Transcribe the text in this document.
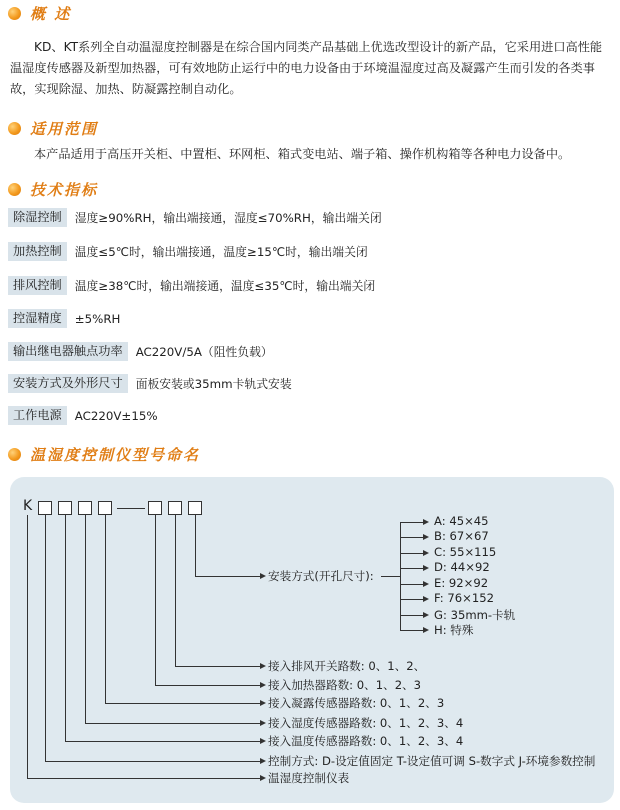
概 述
KD、KT系列全自动温湿度控制器是在综合国内同类产品基础上优选改型设计的新产品，它采用进口高性能温湿度传感器及新型加热器，可有效地防止运行中的电力设备由于环境温湿度过高及凝露产生而引发的各类事故，实现除湿、加热、防凝露控制自动化。
适用范围
本产品适用于高压开关柜、中置柜、环网柜、箱式变电站、端子箱、操作机构箱等各种电力设备中。
技术指标
除湿控制	湿度≥90%RH，输出端接通，湿度≤70%RH，输出端关闭
加热控制	温度≤5℃时，输出端接通，温度≥15℃时，输出端关闭
排风控制	温度≥38℃时，输出端接通，温度≤35℃时，输出端关闭
控湿精度	±5%RH
输出继电器触点功率	AC220V/5A（阻性负载）
安装方式及外形尺寸	面板安装或35mm卡轨式安装
工作电源	AC220V±15%
温湿度控制仪型号命名
K
安装方式(开孔尺寸):
A: 45×45
B: 67×67
C: 55×115
D: 44×92
E: 92×92
F: 76×152
G: 35mm-卡轨
H: 特殊
接入排风开关路数: 0、1、2、
接入加热器路数: 0、1、2、3
接入凝露传感器路数: 0、1、2、3
接入湿度传感器路数: 0、1、2、3、4
接入温度传感器路数: 0、1、2、3、4
控制方式: D-设定值固定 T-设定值可调 S-数字式 J-环境参数控制
温湿度控制仪表
